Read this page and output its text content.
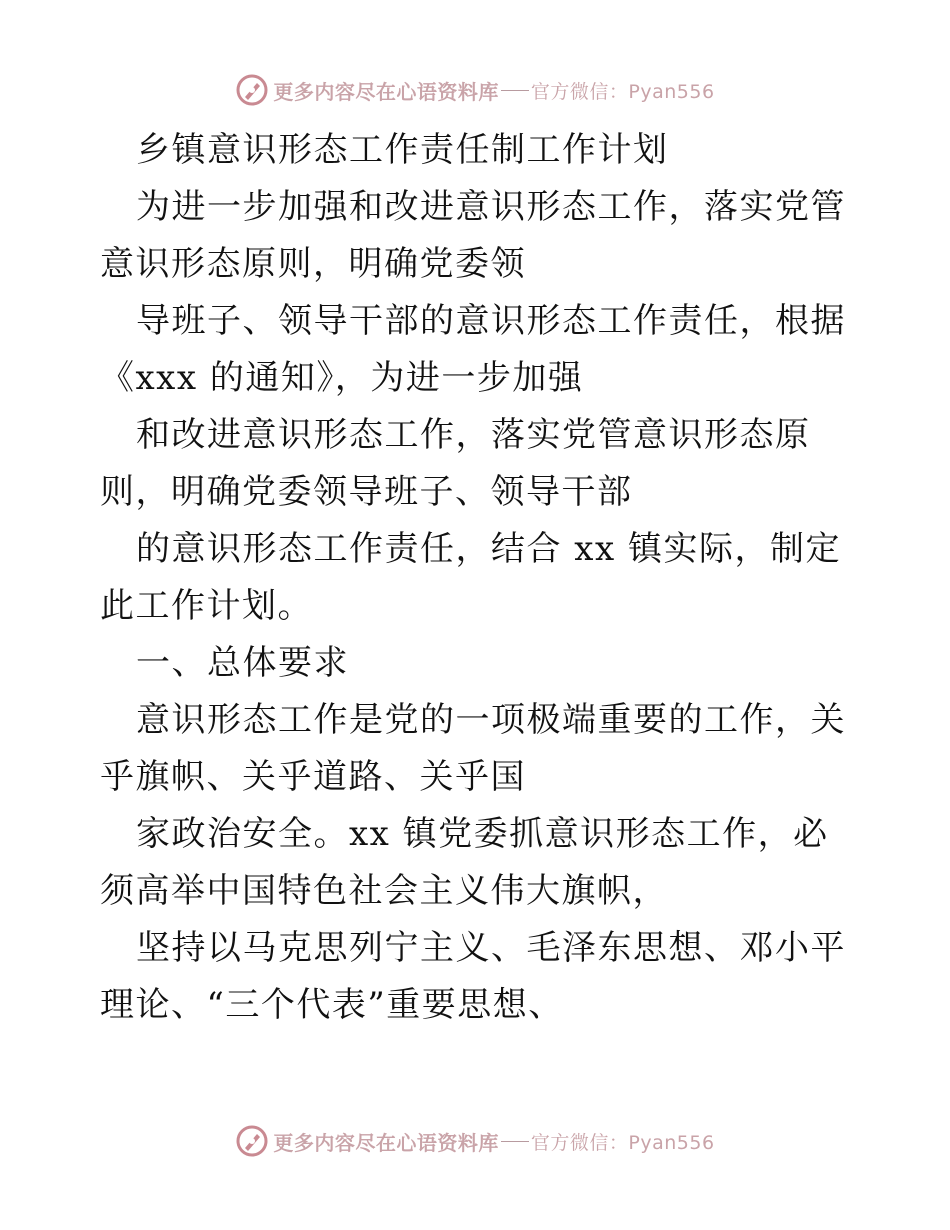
更多内容尽在心语资料库 官方微信：Pyan556

乡镇意识形态工作责任制工作计划

为进一步加强和改进意识形态工作，落实党管意识形态原则，明确党委领

导班子、领导干部的意识形态工作责任，根据《xxx 的通知》，为进一步加强

和改进意识形态工作，落实党管意识形态原则，明确党委领导班子、领导干部

的意识形态工作责任，结合 xx 镇实际，制定此工作计划。

一、总体要求

意识形态工作是党的一项极端重要的工作，关乎旗帜、关乎道路、关乎国

家政治安全。xx 镇党委抓意识形态工作，必须高举中国特色社会主义伟大旗帜，

坚持以马克思列宁主义、毛泽东思想、邓小平理论、“三个代表”重要思想、

更多内容尽在心语资料库 官方微信：Pyan556
